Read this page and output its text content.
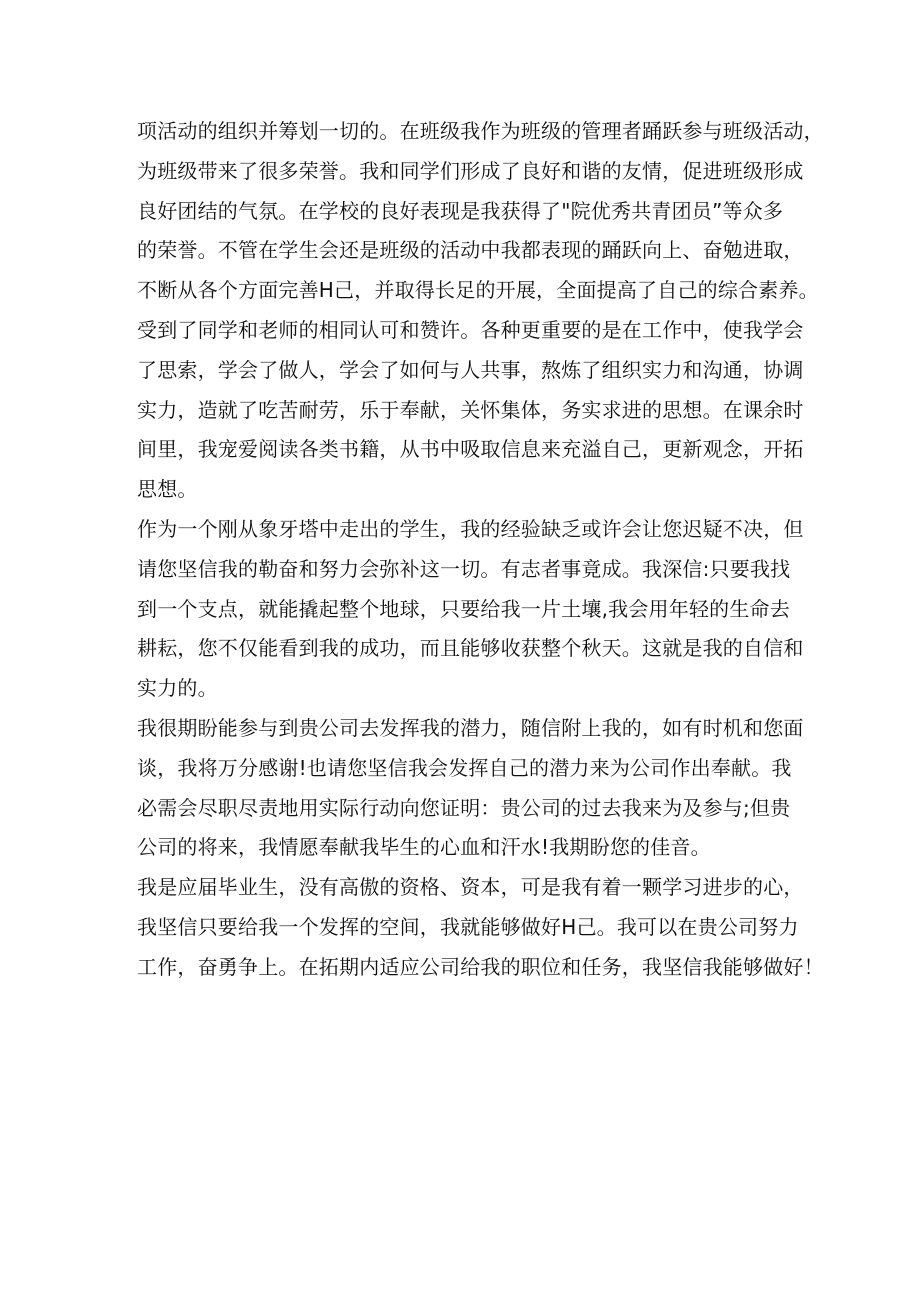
项活动的组织并筹划一切的。在班级我作为班级的管理者踊跃参与班级活动，
为班级带来了很多荣誉。我和同学们形成了良好和谐的友情，促进班级形成
良好团结的气氛。在学校的良好表现是我获得了"院优秀共青团员”等众多
的荣誉。不管在学生会还是班级的活动中我都表现的踊跃向上、奋勉进取，
不断从各个方面完善H己，并取得长足的开展，全面提高了自己的综合素养。
受到了同学和老师的相同认可和赞许。各种更重要的是在工作中，使我学会
了思索，学会了做人，学会了如何与人共事，熬炼了组织实力和沟通，协调
实力，造就了吃苦耐劳，乐于奉献，关怀集体，务实求进的思想。在课余时
间里，我宠爱阅读各类书籍，从书中吸取信息来充溢自己，更新观念，开拓
思想。
作为一个刚从象牙塔中走出的学生，我的经验缺乏或许会让您迟疑不决，但
请您坚信我的勒奋和努力会弥补这一切。有志者事竟成。我深信:只要我找
到一个支点，就能撬起整个地球，只要给我一片土壤,我会用年轻的生命去
耕耘，您不仅能看到我的成功，而且能够收获整个秋天。这就是我的自信和
实力的。
我很期盼能参与到贵公司去发挥我的潜力，随信附上我的，如有时机和您面
谈，我将万分感谢!也请您坚信我会发挥自己的潜力来为公司作出奉献。我
必需会尽职尽责地用实际行动向您证明：贵公司的过去我来为及参与;但贵
公司的将来，我情愿奉献我毕生的心血和汗水!我期盼您的佳音。
我是应届毕业生，没有高傲的资格、资本，可是我有着一颗学习进步的心，
我坚信只要给我一个发挥的空间，我就能够做好H己。我可以在贵公司努力
工作，奋勇争上。在拓期内适应公司给我的职位和任务，我坚信我能够做好！
